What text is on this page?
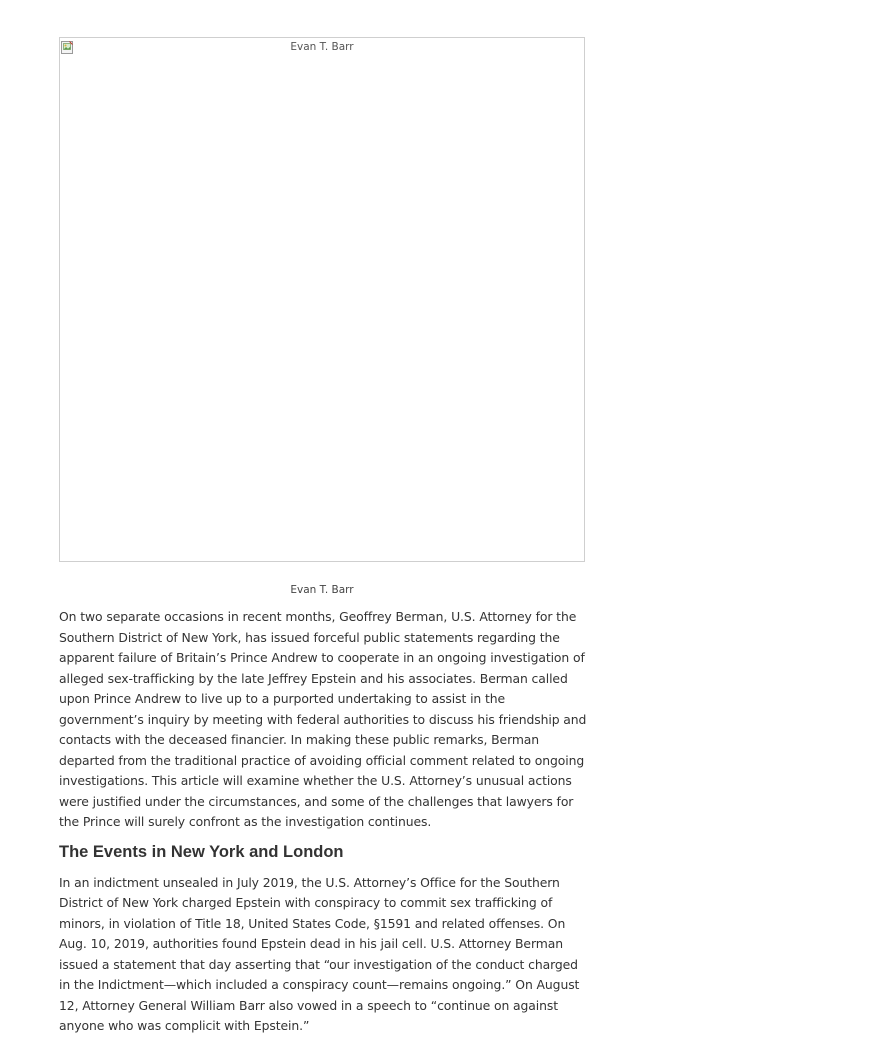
Evan T. Barr
Evan T. Barr

On two separate occasions in recent months, Geoffrey Berman, U.S. Attorney for the Southern District of New York, has issued forceful public statements regarding the apparent failure of Britain’s Prince Andrew to cooperate in an ongoing investigation of alleged sex-trafficking by the late Jeffrey Epstein and his associates. Berman called upon Prince Andrew to live up to a purported undertaking to assist in the government’s inquiry by meeting with federal authorities to discuss his friendship and contacts with the deceased financier. In making these public remarks, Berman departed from the traditional practice of avoiding official comment related to ongoing investigations. This article will examine whether the U.S. Attorney’s unusual actions were justified under the circumstances, and some of the challenges that lawyers for the Prince will surely confront as the investigation continues.

The Events in New York and London

In an indictment unsealed in July 2019, the U.S. Attorney’s Office for the Southern District of New York charged Epstein with conspiracy to commit sex trafficking of minors, in violation of Title 18, United States Code, §1591 and related offenses. On Aug. 10, 2019, authorities found Epstein dead in his jail cell. U.S. Attorney Berman issued a statement that day asserting that “our investigation of the conduct charged in the Indictment—which included a conspiracy count—remains ongoing.” On August 12, Attorney General William Barr also vowed in a speech to “continue on against anyone who was complicit with Epstein.”
